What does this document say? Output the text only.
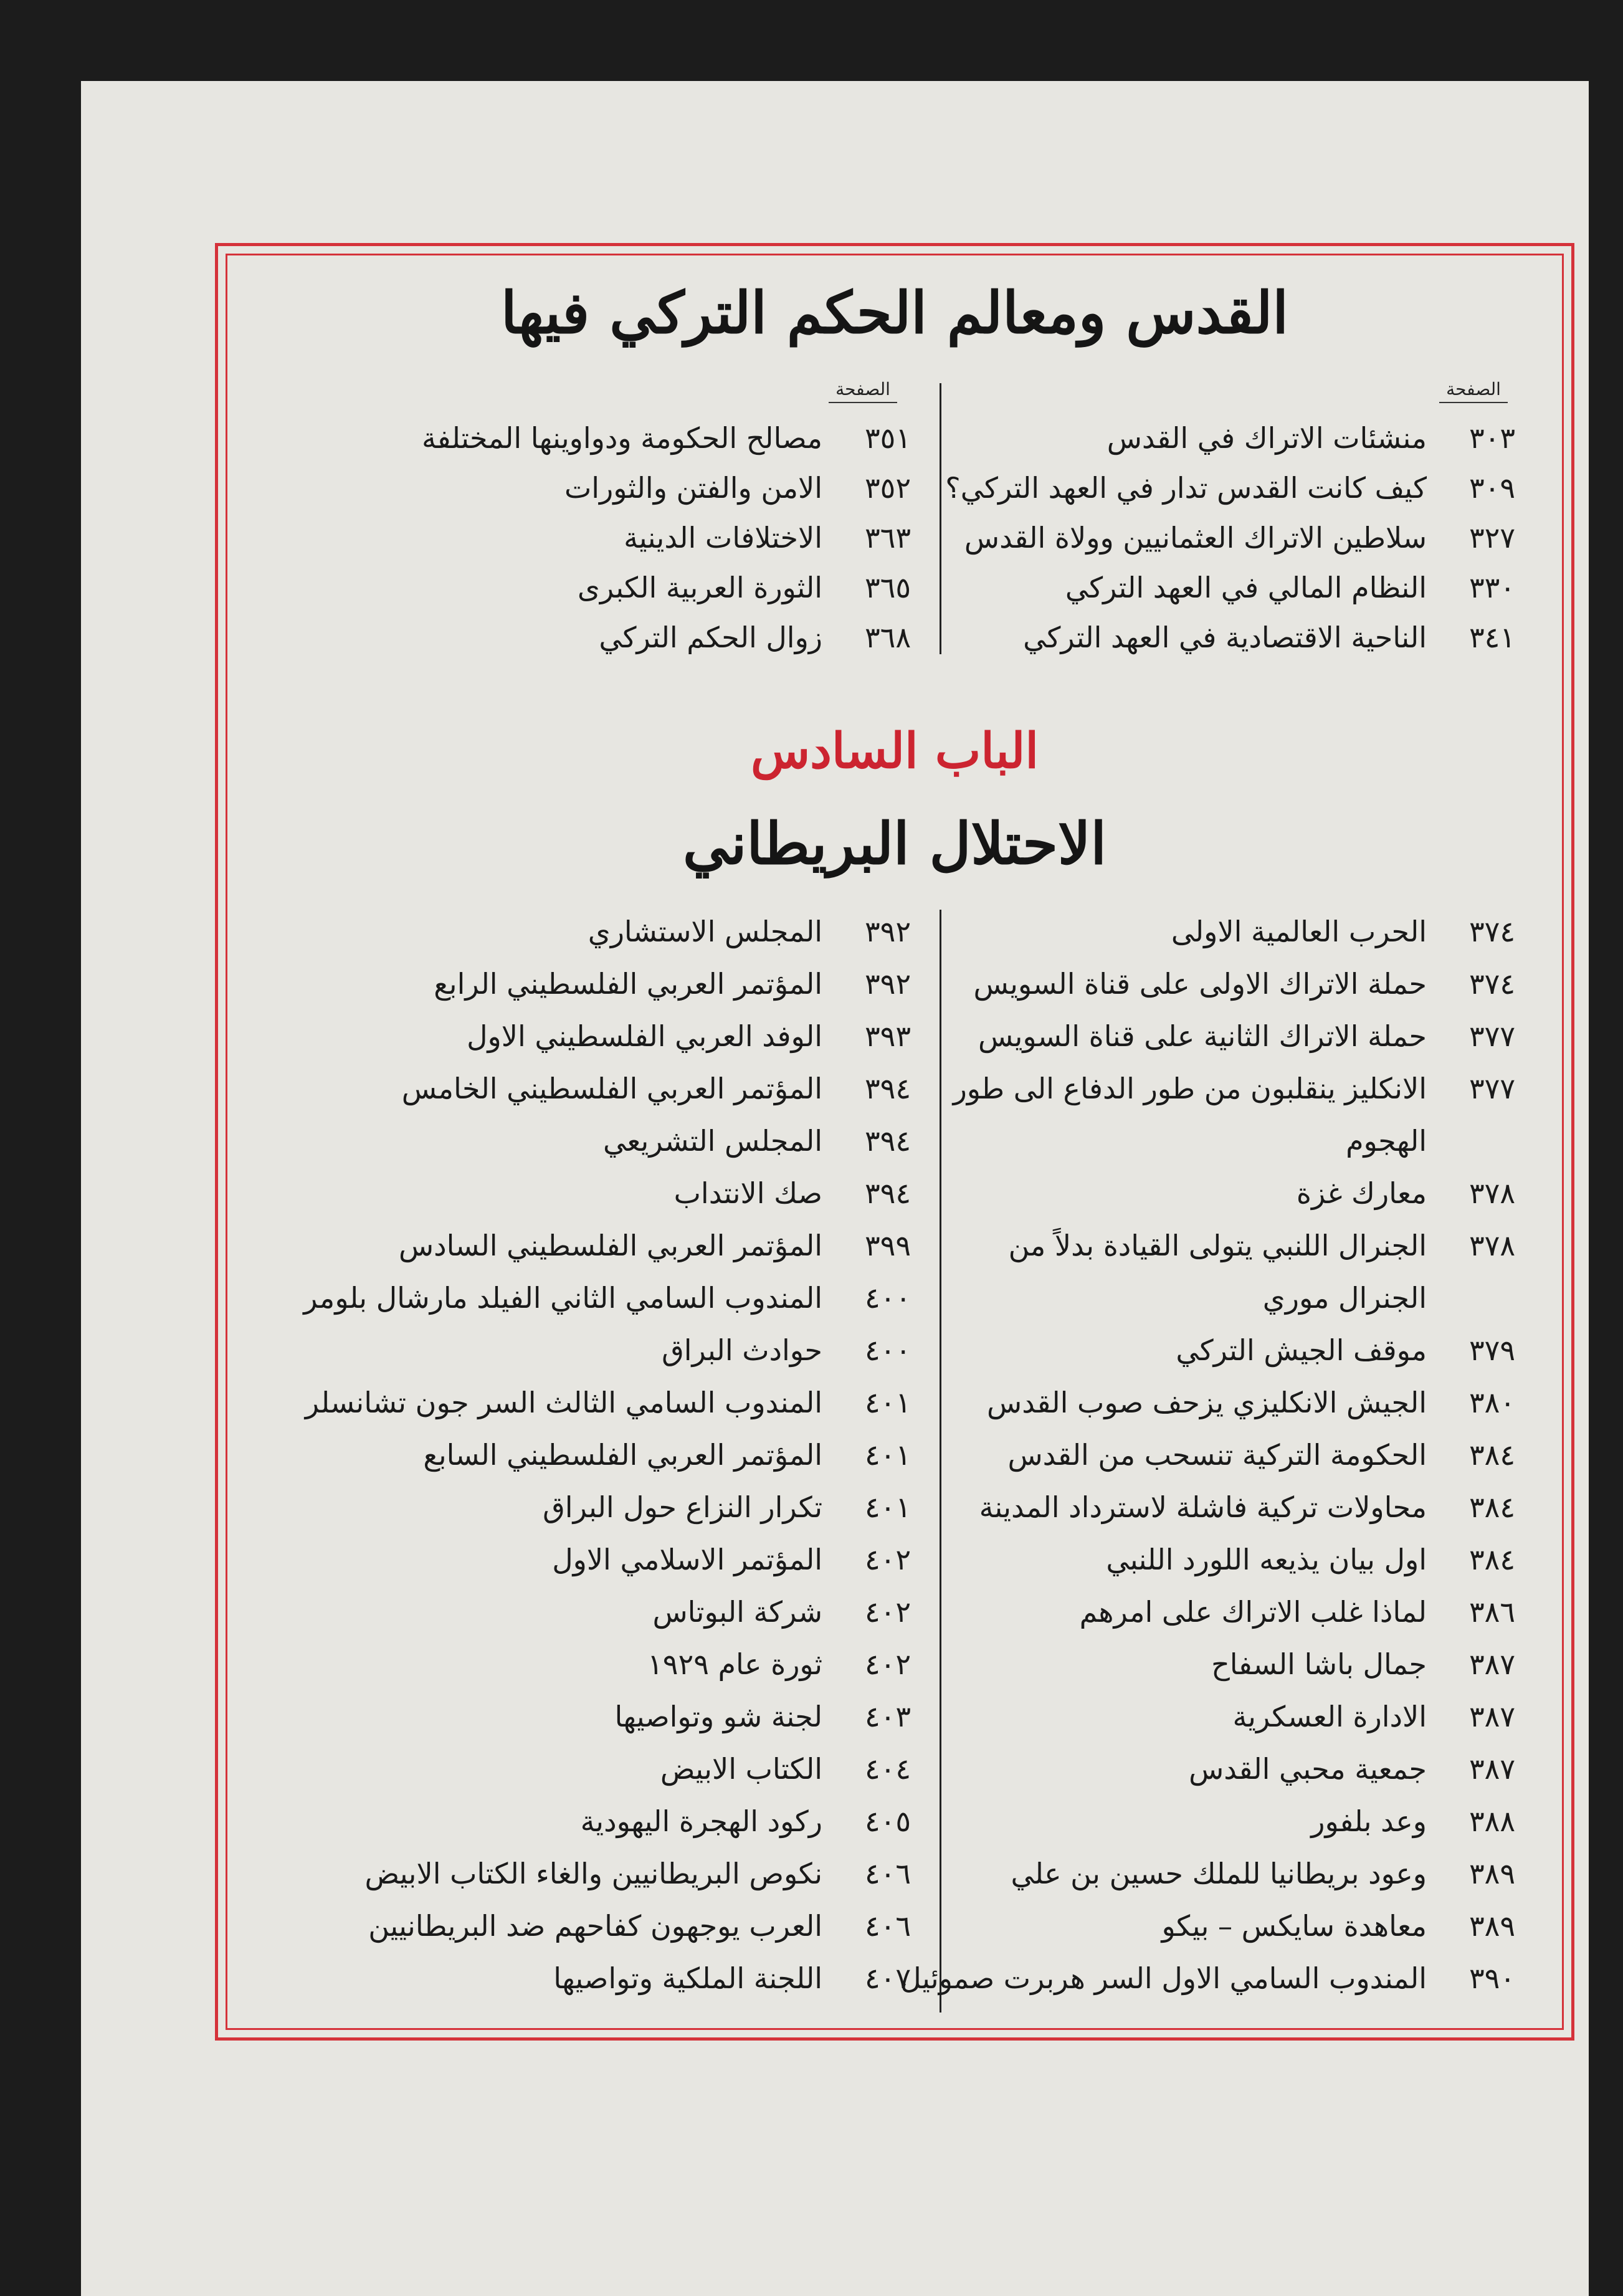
القدس ومعالم الحكم التركي فيها
الصفحة
الصفحة
٣٠٣
منشئات الاتراك في القدس
٣٠٩
كيف كانت القدس تدار في العهد التركي؟
٣٢٧
سلاطين الاتراك العثمانيين وولاة القدس
٣٣٠
النظام المالي في العهد التركي
٣٤١
الناحية الاقتصادية في العهد التركي
٣٥١
مصالح الحكومة ودواوينها المختلفة
٣٥٢
الامن والفتن والثورات
٣٦٣
الاختلافات الدينية
٣٦٥
الثورة العربية الكبرى
٣٦٨
زوال الحكم التركي
الباب السادس
الاحتلال البريطاني
٣٧٤
الحرب العالمية الاولى
٣٧٤
حملة الاتراك الاولى على قناة السويس
٣٧٧
حملة الاتراك الثانية على قناة السويس
٣٧٧
الانكليز ينقلبون من طور الدفاع الى طور
الهجوم
٣٧٨
معارك غزة
٣٧٨
الجنرال اللنبي يتولى القيادة بدلاً من
الجنرال موري
٣٧٩
موقف الجيش التركي
٣٨٠
الجيش الانكليزي يزحف صوب القدس
٣٨٤
الحكومة التركية تنسحب من القدس
٣٨٤
محاولات تركية فاشلة لاسترداد المدينة
٣٨٤
اول بيان يذيعه اللورد اللنبي
٣٨٦
لماذا غلب الاتراك على امرهم
٣٨٧
جمال باشا السفاح
٣٨٧
الادارة العسكرية
٣٨٧
جمعية محبي القدس
٣٨٨
وعد بلفور
٣٨٩
وعود بريطانيا للملك حسين بن علي
٣٨٩
معاهدة سايكس – بيكو
٣٩٠
المندوب السامي الاول السر هربرت صموئيل
٣٩٢
المجلس الاستشاري
٣٩٢
المؤتمر العربي الفلسطيني الرابع
٣٩٣
الوفد العربي الفلسطيني الاول
٣٩٤
المؤتمر العربي الفلسطيني الخامس
٣٩٤
المجلس التشريعي
٣٩٤
صك الانتداب
٣٩٩
المؤتمر العربي الفلسطيني السادس
٤٠٠
المندوب السامي الثاني الفيلد مارشال بلومر
٤٠٠
حوادث البراق
٤٠١
المندوب السامي الثالث السر جون تشانسلر
٤٠١
المؤتمر العربي الفلسطيني السابع
٤٠١
تكرار النزاع حول البراق
٤٠٢
المؤتمر الاسلامي الاول
٤٠٢
شركة البوتاس
٤٠٢
ثورة عام ١٩٢٩
٤٠٣
لجنة شو وتواصيها
٤٠٤
الكتاب الابيض
٤٠٥
ركود الهجرة اليهودية
٤٠٦
نكوص البريطانيين والغاء الكتاب الابيض
٤٠٦
العرب يوجهون كفاحهم ضد البريطانيين
٤٠٧
اللجنة الملكية وتواصيها
